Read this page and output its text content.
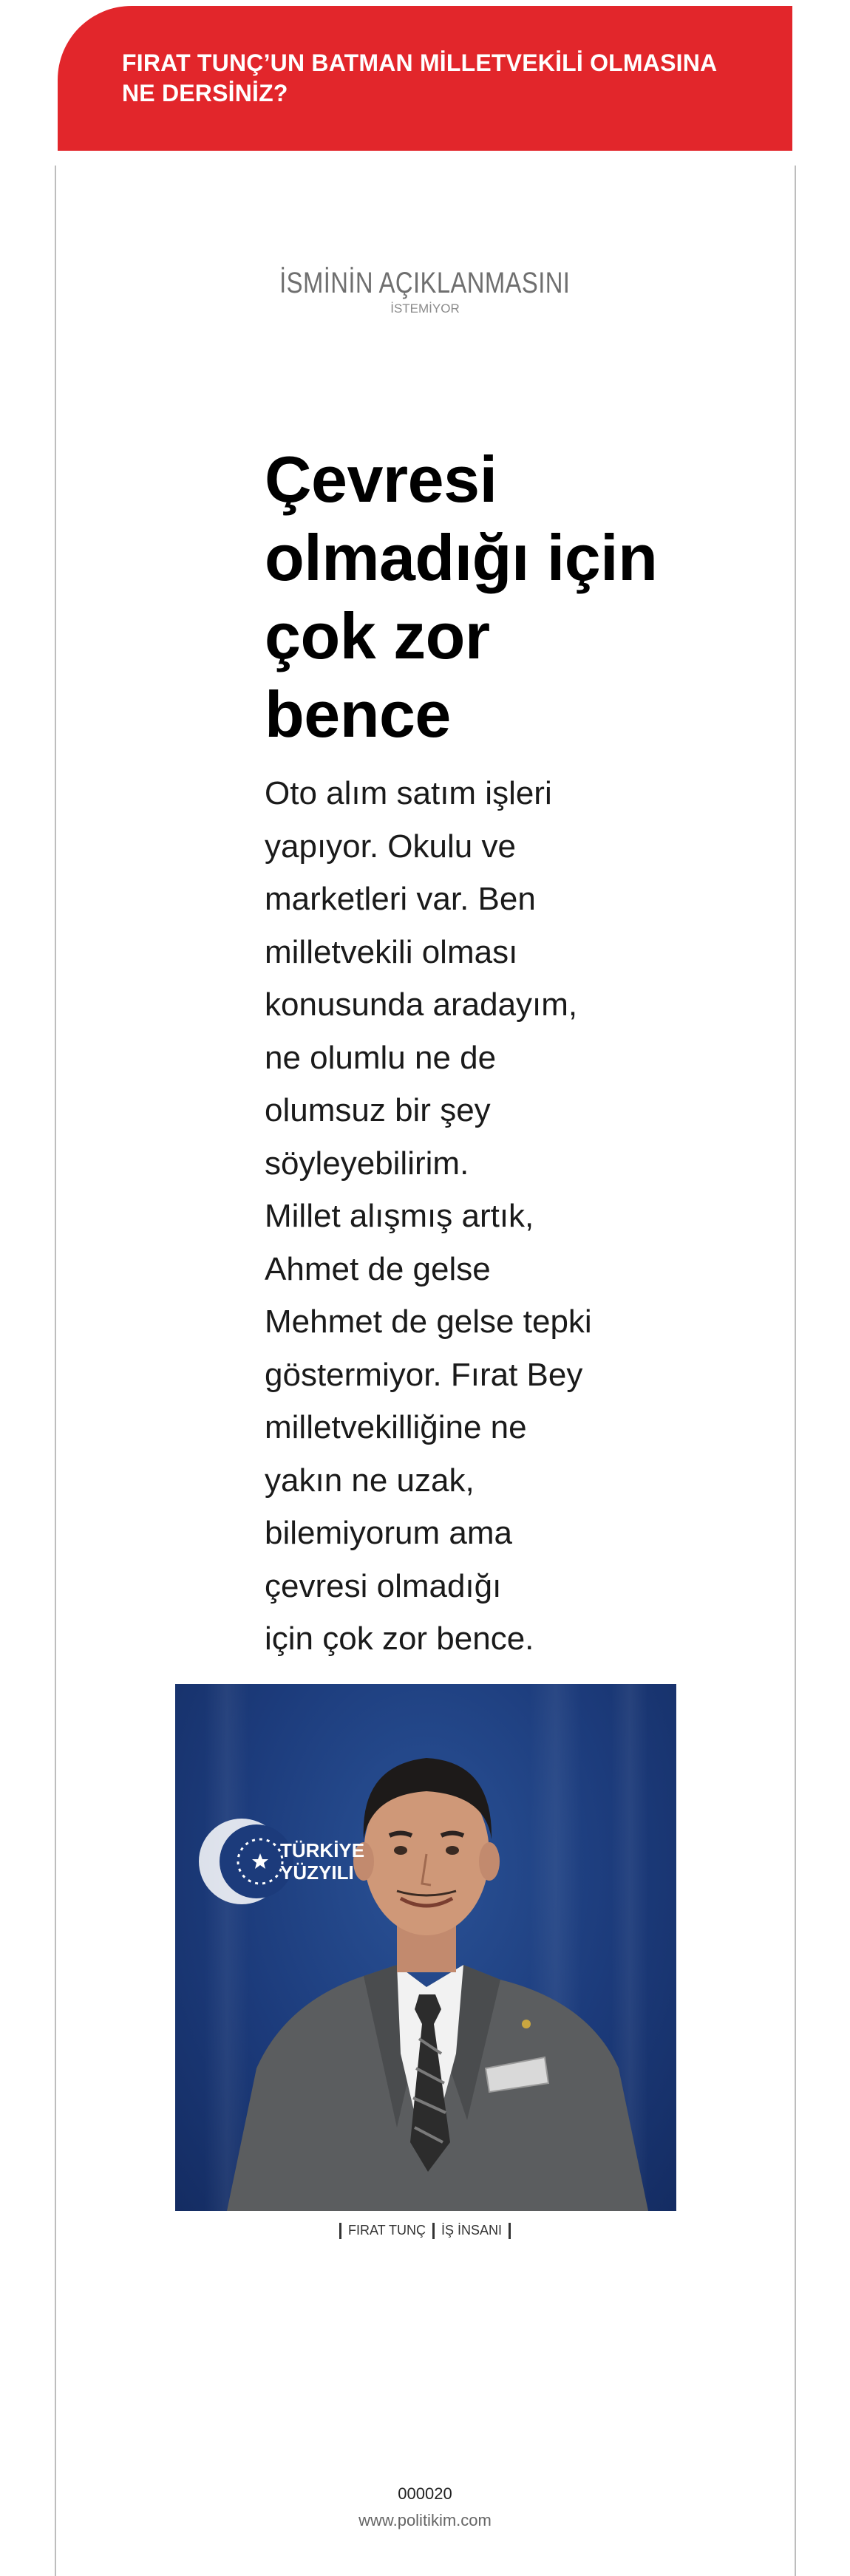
FIRAT TUNÇ’UN BATMAN MİLLETVEKİLİ OLMASINA
NE DERSİNİZ?
İSMİNİN AÇIKLANMASINI
İSTEMİYOR
Çevresi
olmadığı için
çok zor
bence
Oto alım satım işleri
yapıyor. Okulu ve
marketleri var. Ben
milletvekili olması
konusunda aradayım,
ne olumlu ne de
olumsuz bir şey
söyleyebilirim.
Millet alışmış artık,
Ahmet de gelse
Mehmet de gelse tepki
göstermiyor. Fırat Bey
milletvekilliğine ne
yakın ne uzak,
bilemiyorum ama
çevresi olmadığı
için çok zor bence.
TÜRKİYE
YÜZYILI
FIRAT TUNÇ İŞ İNSANI
000020
www.politikim.com
